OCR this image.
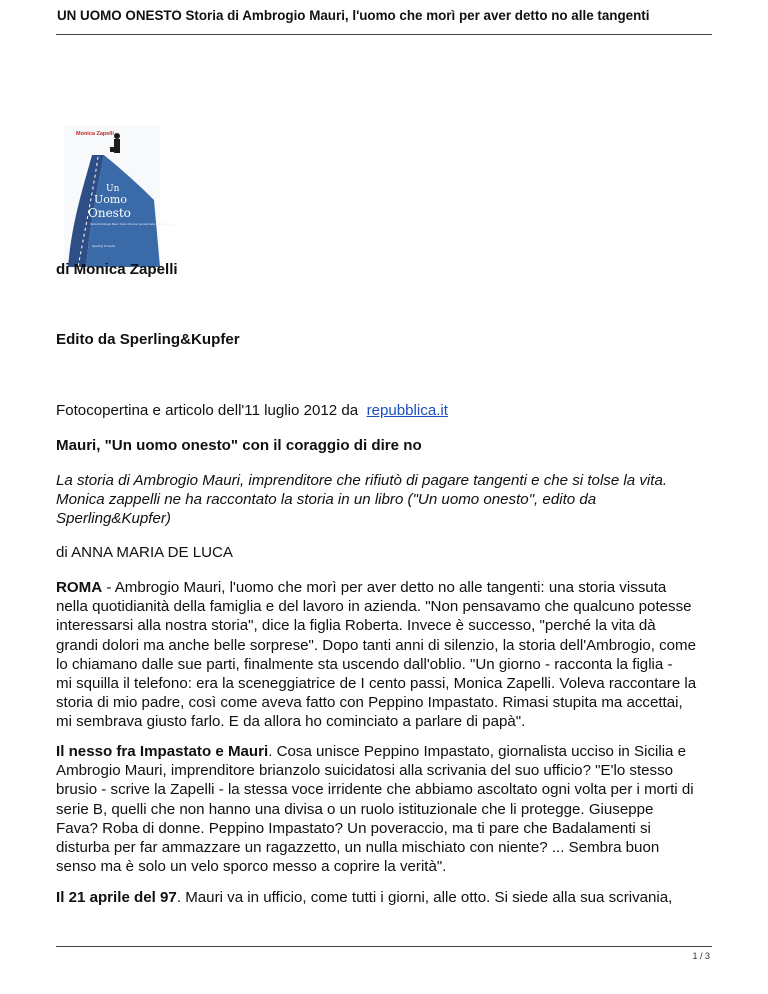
UN UOMO ONESTO Storia di Ambrogio Mauri, l'uomo che morì per aver detto no alle tangenti
Monica Zapelli
Un
Uomo
Onesto
Storia di Ambrogio Mauri, l'uomo che morì per aver detto no alle tangenti
Sperling & Kupfer
di Monica Zapelli
Edito da Sperling&Kupfer
Fotocopertina e articolo dell'11 luglio 2012 da repubblica.it
Mauri, "Un uomo onesto" con il coraggio di dire no

La storia di Ambrogio Mauri, imprenditore che rifiutò di pagare tangenti e che si tolse la vita.

Monica zappelli ne ha raccontato la storia in un libro ("Un uomo onesto", edito da

Sperling&Kupfer)

di ANNA MARIA DE LUCA

ROMA - Ambrogio Mauri, l'uomo che morì per aver detto no alle tangenti: una storia vissuta

nella quotidianità della famiglia e del lavoro in azienda. "Non pensavamo che qualcuno potesse

interessarsi alla nostra storia", dice la figlia Roberta. Invece è successo, "perché la vita dà

grandi dolori ma anche belle sorprese". Dopo tanti anni di silenzio, la storia dell'Ambrogio, come

lo chiamano dalle sue parti, finalmente sta uscendo dall'oblio. "Un giorno - racconta la figlia -

mi squilla il telefono: era la sceneggiatrice de I cento passi, Monica Zapelli. Voleva raccontare la

storia di mio padre, così come aveva fatto con Peppino Impastato. Rimasi stupita ma accettai,

mi sembrava giusto farlo. E da allora ho cominciato a parlare di papà".

Il nesso fra Impastato e Mauri. Cosa unisce Peppino Impastato, giornalista ucciso in Sicilia e

Ambrogio Mauri, imprenditore brianzolo suicidatosi alla scrivania del suo ufficio? "E'lo stesso

brusio - scrive la Zapelli - la stessa voce irridente che abbiamo ascoltato ogni volta per i morti di

serie B, quelli che non hanno una divisa o un ruolo istituzionale che li protegge. Giuseppe

Fava? Roba di donne. Peppino Impastato? Un poveraccio, ma ti pare che Badalamenti si

disturba per far ammazzare un ragazzetto, un nulla mischiato con niente? ... Sembra buon

senso ma è solo un velo sporco messo a coprire la verità".

Il 21 aprile del 97. Mauri va in ufficio, come tutti i giorni, alle otto. Si siede alla sua scrivania,

1 / 3
